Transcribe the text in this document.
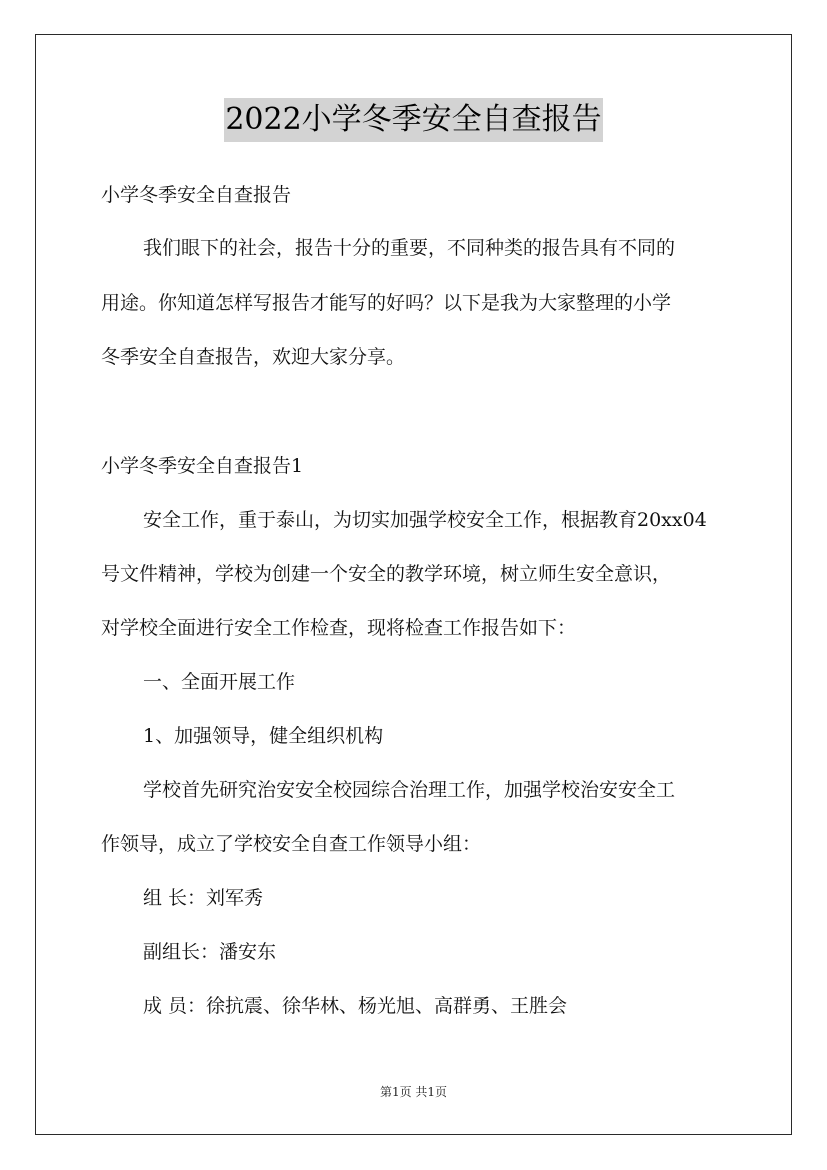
2022小学冬季安全自查报告

小学冬季安全自查报告

我们眼下的社会，报告十分的重要，不同种类的报告具有不同的

用途。你知道怎样写报告才能写的好吗？以下是我为大家整理的小学

冬季安全自查报告，欢迎大家分享。

小学冬季安全自查报告1

安全工作，重于泰山，为切实加强学校安全工作，根据教育20xx04

号文件精神，学校为创建一个安全的教学环境，树立师生安全意识，

对学校全面进行安全工作检查，现将检查工作报告如下：

一、全面开展工作

1、加强领导，健全组织机构

学校首先研究治安安全校园综合治理工作，加强学校治安安全工

作领导，成立了学校安全自查工作领导小组：

组 长：刘军秀

副组长：潘安东

成 员：徐抗震、徐华林、杨光旭、高群勇、王胜会

第1页 共1页
